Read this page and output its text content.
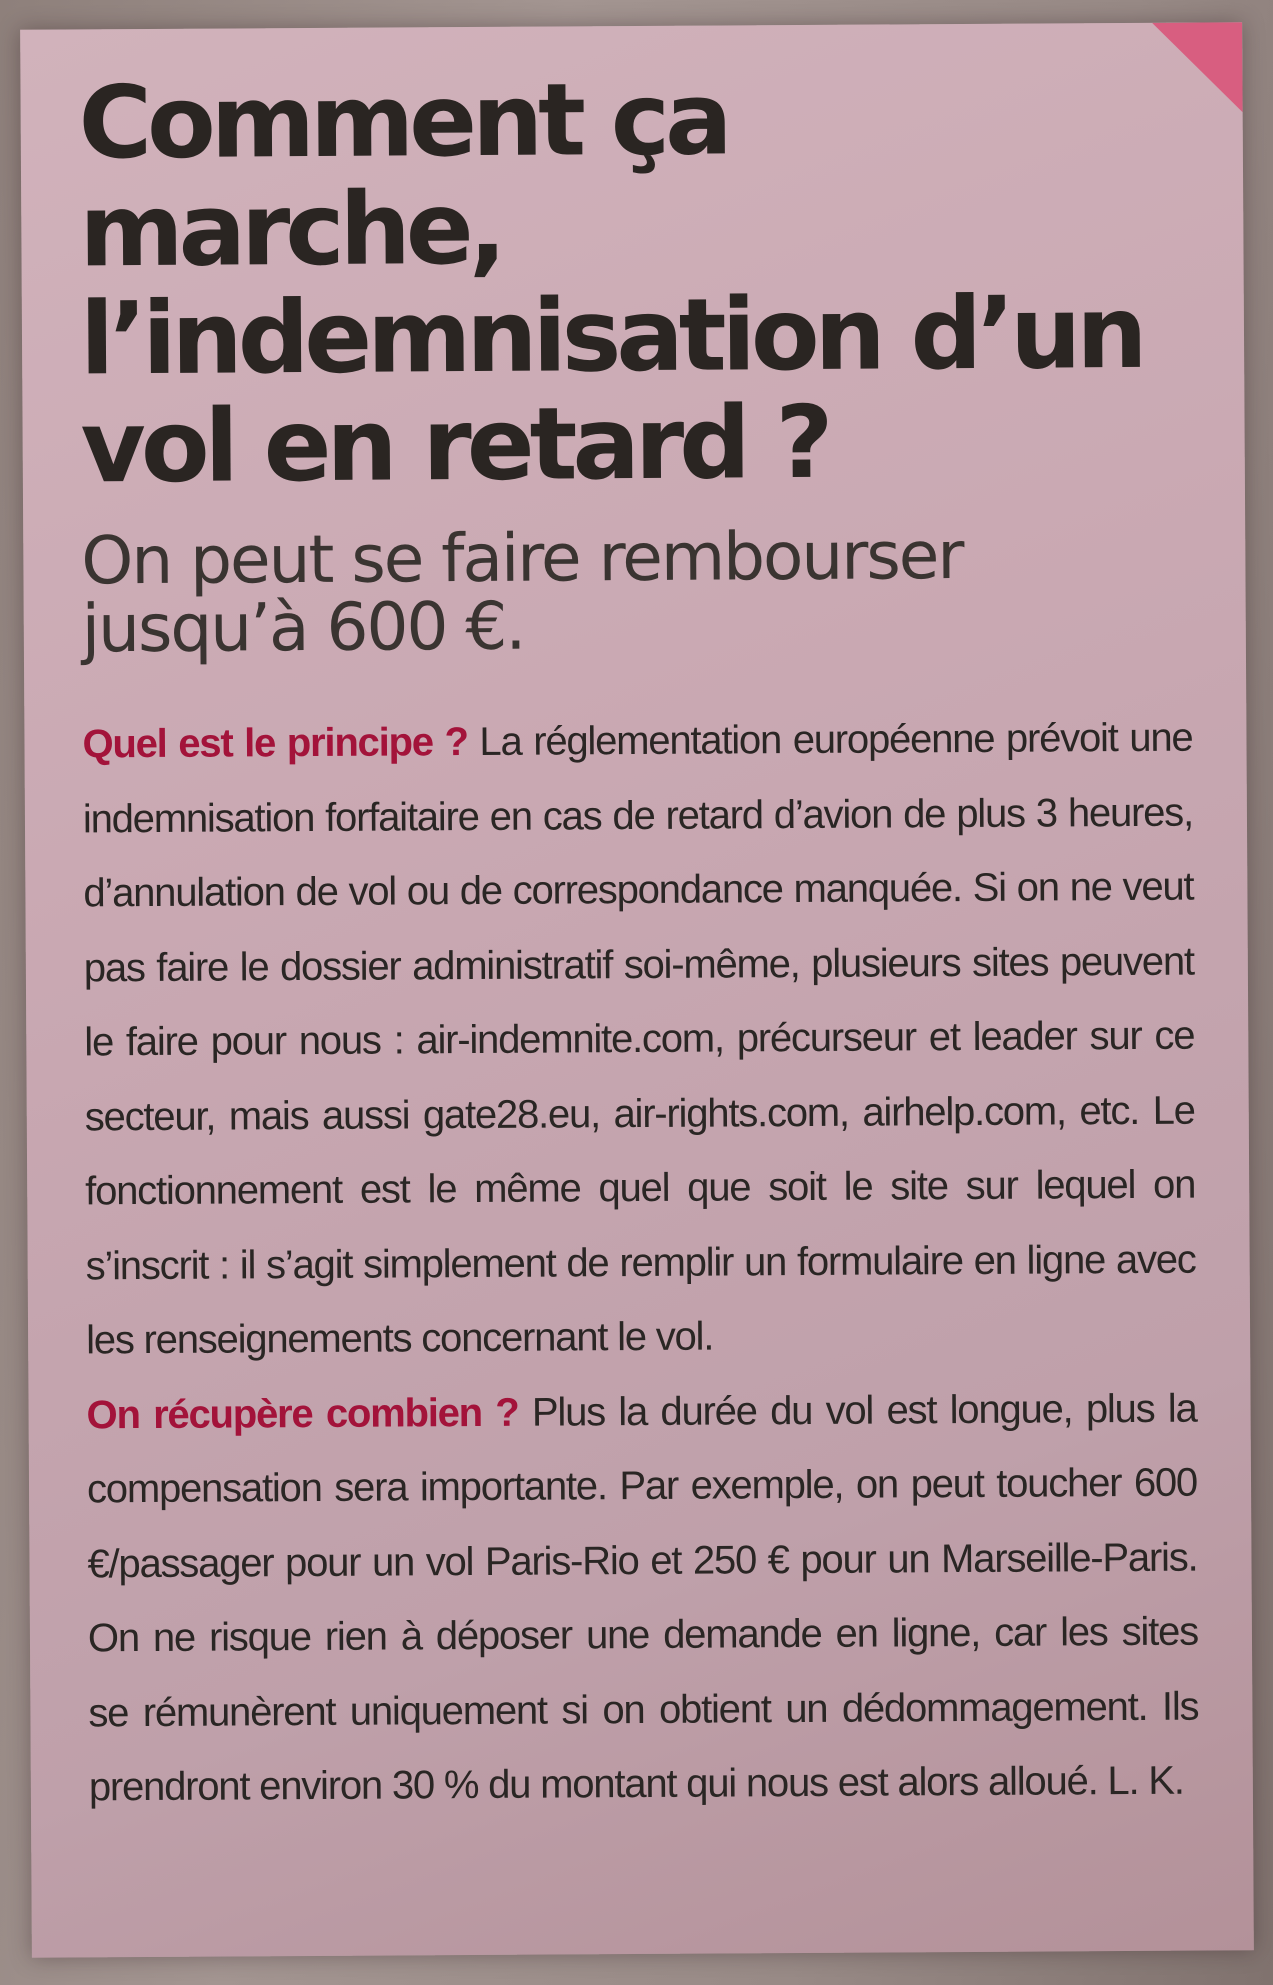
Comment ça marche, l’indemnisation d’un vol en retard ?
On peut se faire rembourser jusqu’à 600 €.
Quel est le principe ? La réglementation européenne prévoit une indemnisation forfaitaire en cas de retard d’avion de plus 3 heures, d’annulation de vol ou de correspondance manquée. Si on ne veut pas faire le dossier administratif soi-même, plusieurs sites peuvent le faire pour nous : air-indemnite.com, précurseur et leader sur ce secteur, mais aussi gate28.eu, air-rights.com, airhelp.com, etc. Le fonctionnement est le même quel que soit le site sur lequel on s’inscrit : il s’agit simplement de remplir un formulaire en ligne avec les renseignements concernant le vol.
On récupère combien ? Plus la durée du vol est longue, plus la compensation sera importante. Par exemple, on peut toucher 600 €/passager pour un vol Paris-Rio et 250 € pour un Marseille-Paris. On ne risque rien à déposer une demande en ligne, car les sites se rémunèrent uniquement si on obtient un dédommagement. Ils prendront environ 30 % du montant qui nous est alors alloué. L. K.
